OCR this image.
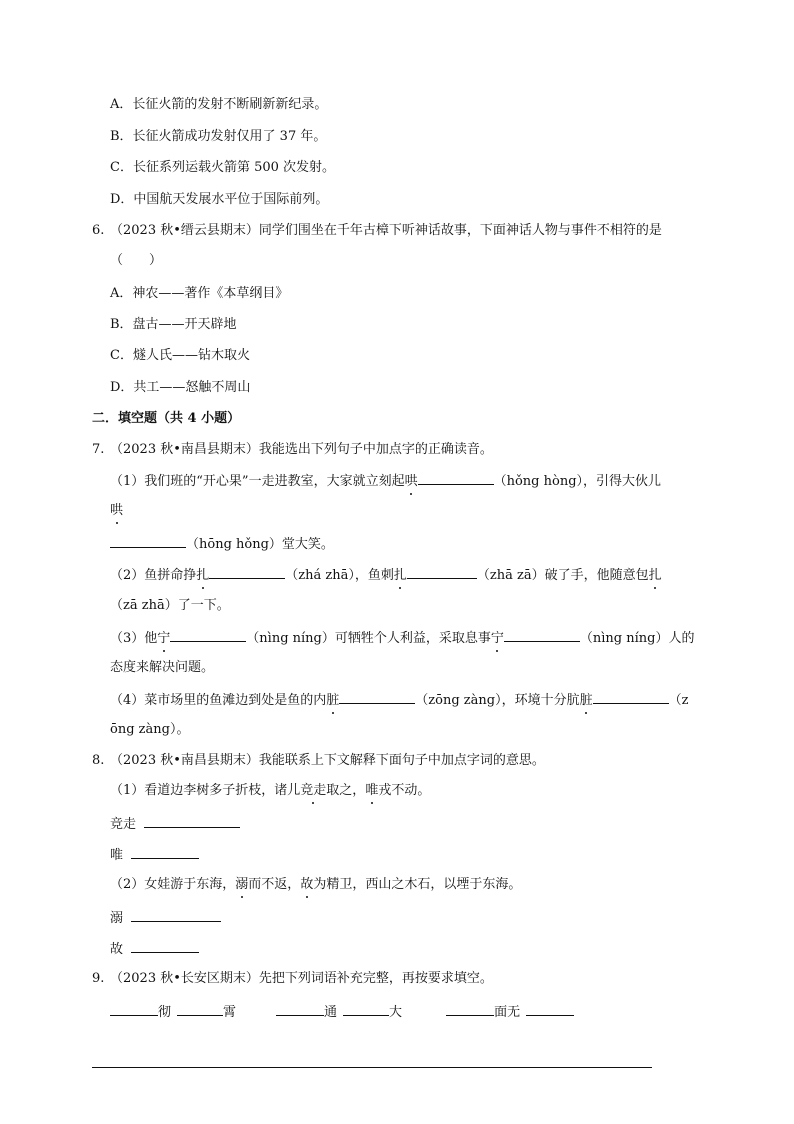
A．长征火箭的发射不断刷新新纪录。
B．长征火箭成功发射仅用了 37 年。
C．长征系列运载火箭第 500 次发射。
D．中国航天发展水平位于国际前列。
6. （2023 秋•缙云县期末）同学们围坐在千年古樟下听神话故事，下面神话人物与事件不相符的是
（　　）
A．神农——著作《本草纲目》
B．盘古——开天辟地
C．燧人氏——钻木取火
D．共工——怒触不周山
二．填空题（共 4 小题）
7. （2023 秋•南昌县期末）我能选出下列句子中加点字的正确读音。
（1）我们班的“开心果”一走进教室，大家就立刻起哄	（hǒng hòng），引得大伙儿
哄
（hōng hǒng）堂大笑。
（2）鱼拼命挣扎	（zhá zhā），鱼刺扎	（zhā zā）破了手，他随意包扎
（zā zhā）了一下。
（3）他宁	（nìng níng）可牺牲个人利益，采取息事宁	（nìng níng）人的
态度来解决问题。
（4）菜市场里的鱼滩边到处是鱼的内脏	（zōng zàng），环境十分肮脏	（z
ōng zàng）。
8. （2023 秋•南昌县期末）我能联系上下文解释下面句子中加点字词的意思。
（1）看道边李树多子折枝，诸儿竞走取之，唯戎不动。
竞走
唯
（2）女娃游于东海，溺而不返，故为精卫，西山之木石，以堙于东海。
溺
故
9. （2023 秋•长安区期末）先把下列词语补充完整，再按要求填空。
彻	霄	通	大	面无
